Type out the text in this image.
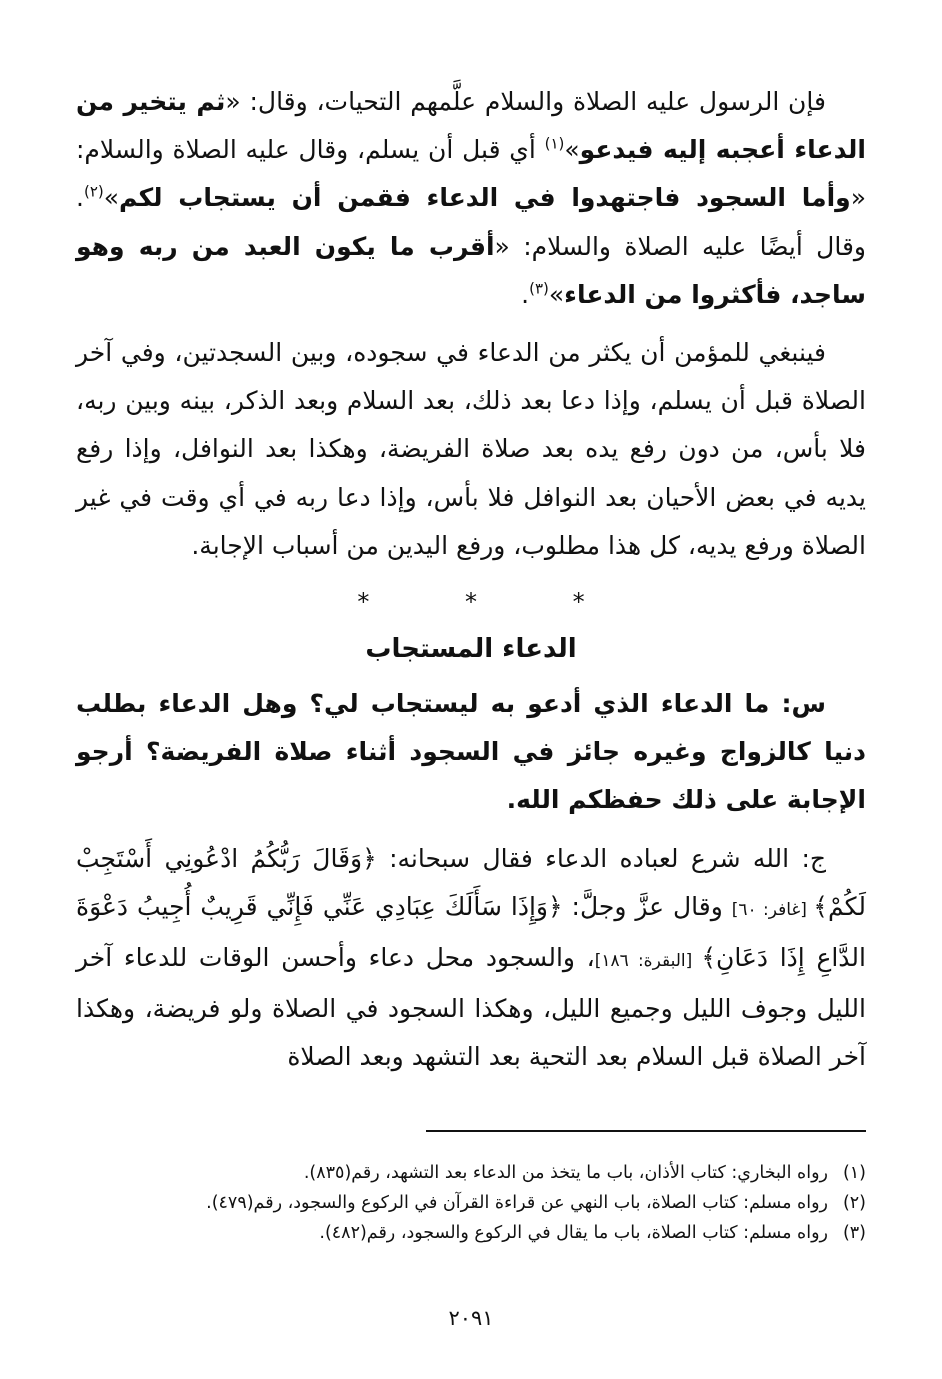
فإن الرسول عليه الصلاة والسلام علَّمهم التحيات، وقال: «ثم يتخير من الدعاء أعجبه إليه فيدعو»$^{(١)}$ أي قبل أن يسلم، وقال عليه الصلاة والسلام: «وأما السجود فاجتهدوا في الدعاء فقمن أن يستجاب لكم»$^{(٢)}$. وقال أيضًا عليه الصلاة والسلام: «أقرب ما يكون العبد من ربه وهو ساجد، فأكثروا من الدعاء»$^{(٣)}$.

فينبغي للمؤمن أن يكثر من الدعاء في سجوده، وبين السجدتين، وفي آخر الصلاة قبل أن يسلم، وإذا دعا بعد ذلك، بعد السلام وبعد الذكر، بينه وبين ربه، فلا بأس، من دون رفع يده بعد صلاة الفريضة، وهكذا بعد النوافل، وإذا رفع يديه في بعض الأحيان بعد النوافل فلا بأس، وإذا دعا ربه في أي وقت في غير الصلاة ورفع يديه، كل هذا مطلوب، ورفع اليدين من أسباب الإجابة.

* * *
الدعاء المستجاب

س: ما الدعاء الذي أدعو به ليستجاب لي؟ وهل الدعاء بطلب دنيا كالزواج وغيره جائز في السجود أثناء صلاة الفريضة؟ أرجو الإجابة على ذلك حفظكم الله.

ج: الله شرع لعباده الدعاء فقال سبحانه: ﴿وَقَالَ رَبُّكُمُ ادْعُونِي أَسْتَجِبْ لَكُمْ﴾ [غافر: ٦٠] وقال عزَّ وجلَّ: ﴿وَإِذَا سَأَلَكَ عِبَادِي عَنِّي فَإِنِّي قَرِيبٌ أُجِيبُ دَعْوَةَ الدَّاعِ إِذَا دَعَانِ﴾ [البقرة: ١٨٦]، والسجود محل دعاء وأحسن الوقات للدعاء آخر الليل وجوف الليل وجميع الليل، وهكذا السجود في الصلاة ولو فريضة، وهكذا آخر الصلاة قبل السلام بعد التحية بعد التشهد وبعد الصلاة

(١)
رواه البخاري: كتاب الأذان، باب ما يتخذ من الدعاء بعد التشهد، رقم(٨٣٥).

(٢)
رواه مسلم: كتاب الصلاة، باب النهي عن قراءة القرآن في الركوع والسجود، رقم(٤٧٩).

(٣)
رواه مسلم: كتاب الصلاة، باب ما يقال في الركوع والسجود، رقم(٤٨٢).

٢٠٩١
